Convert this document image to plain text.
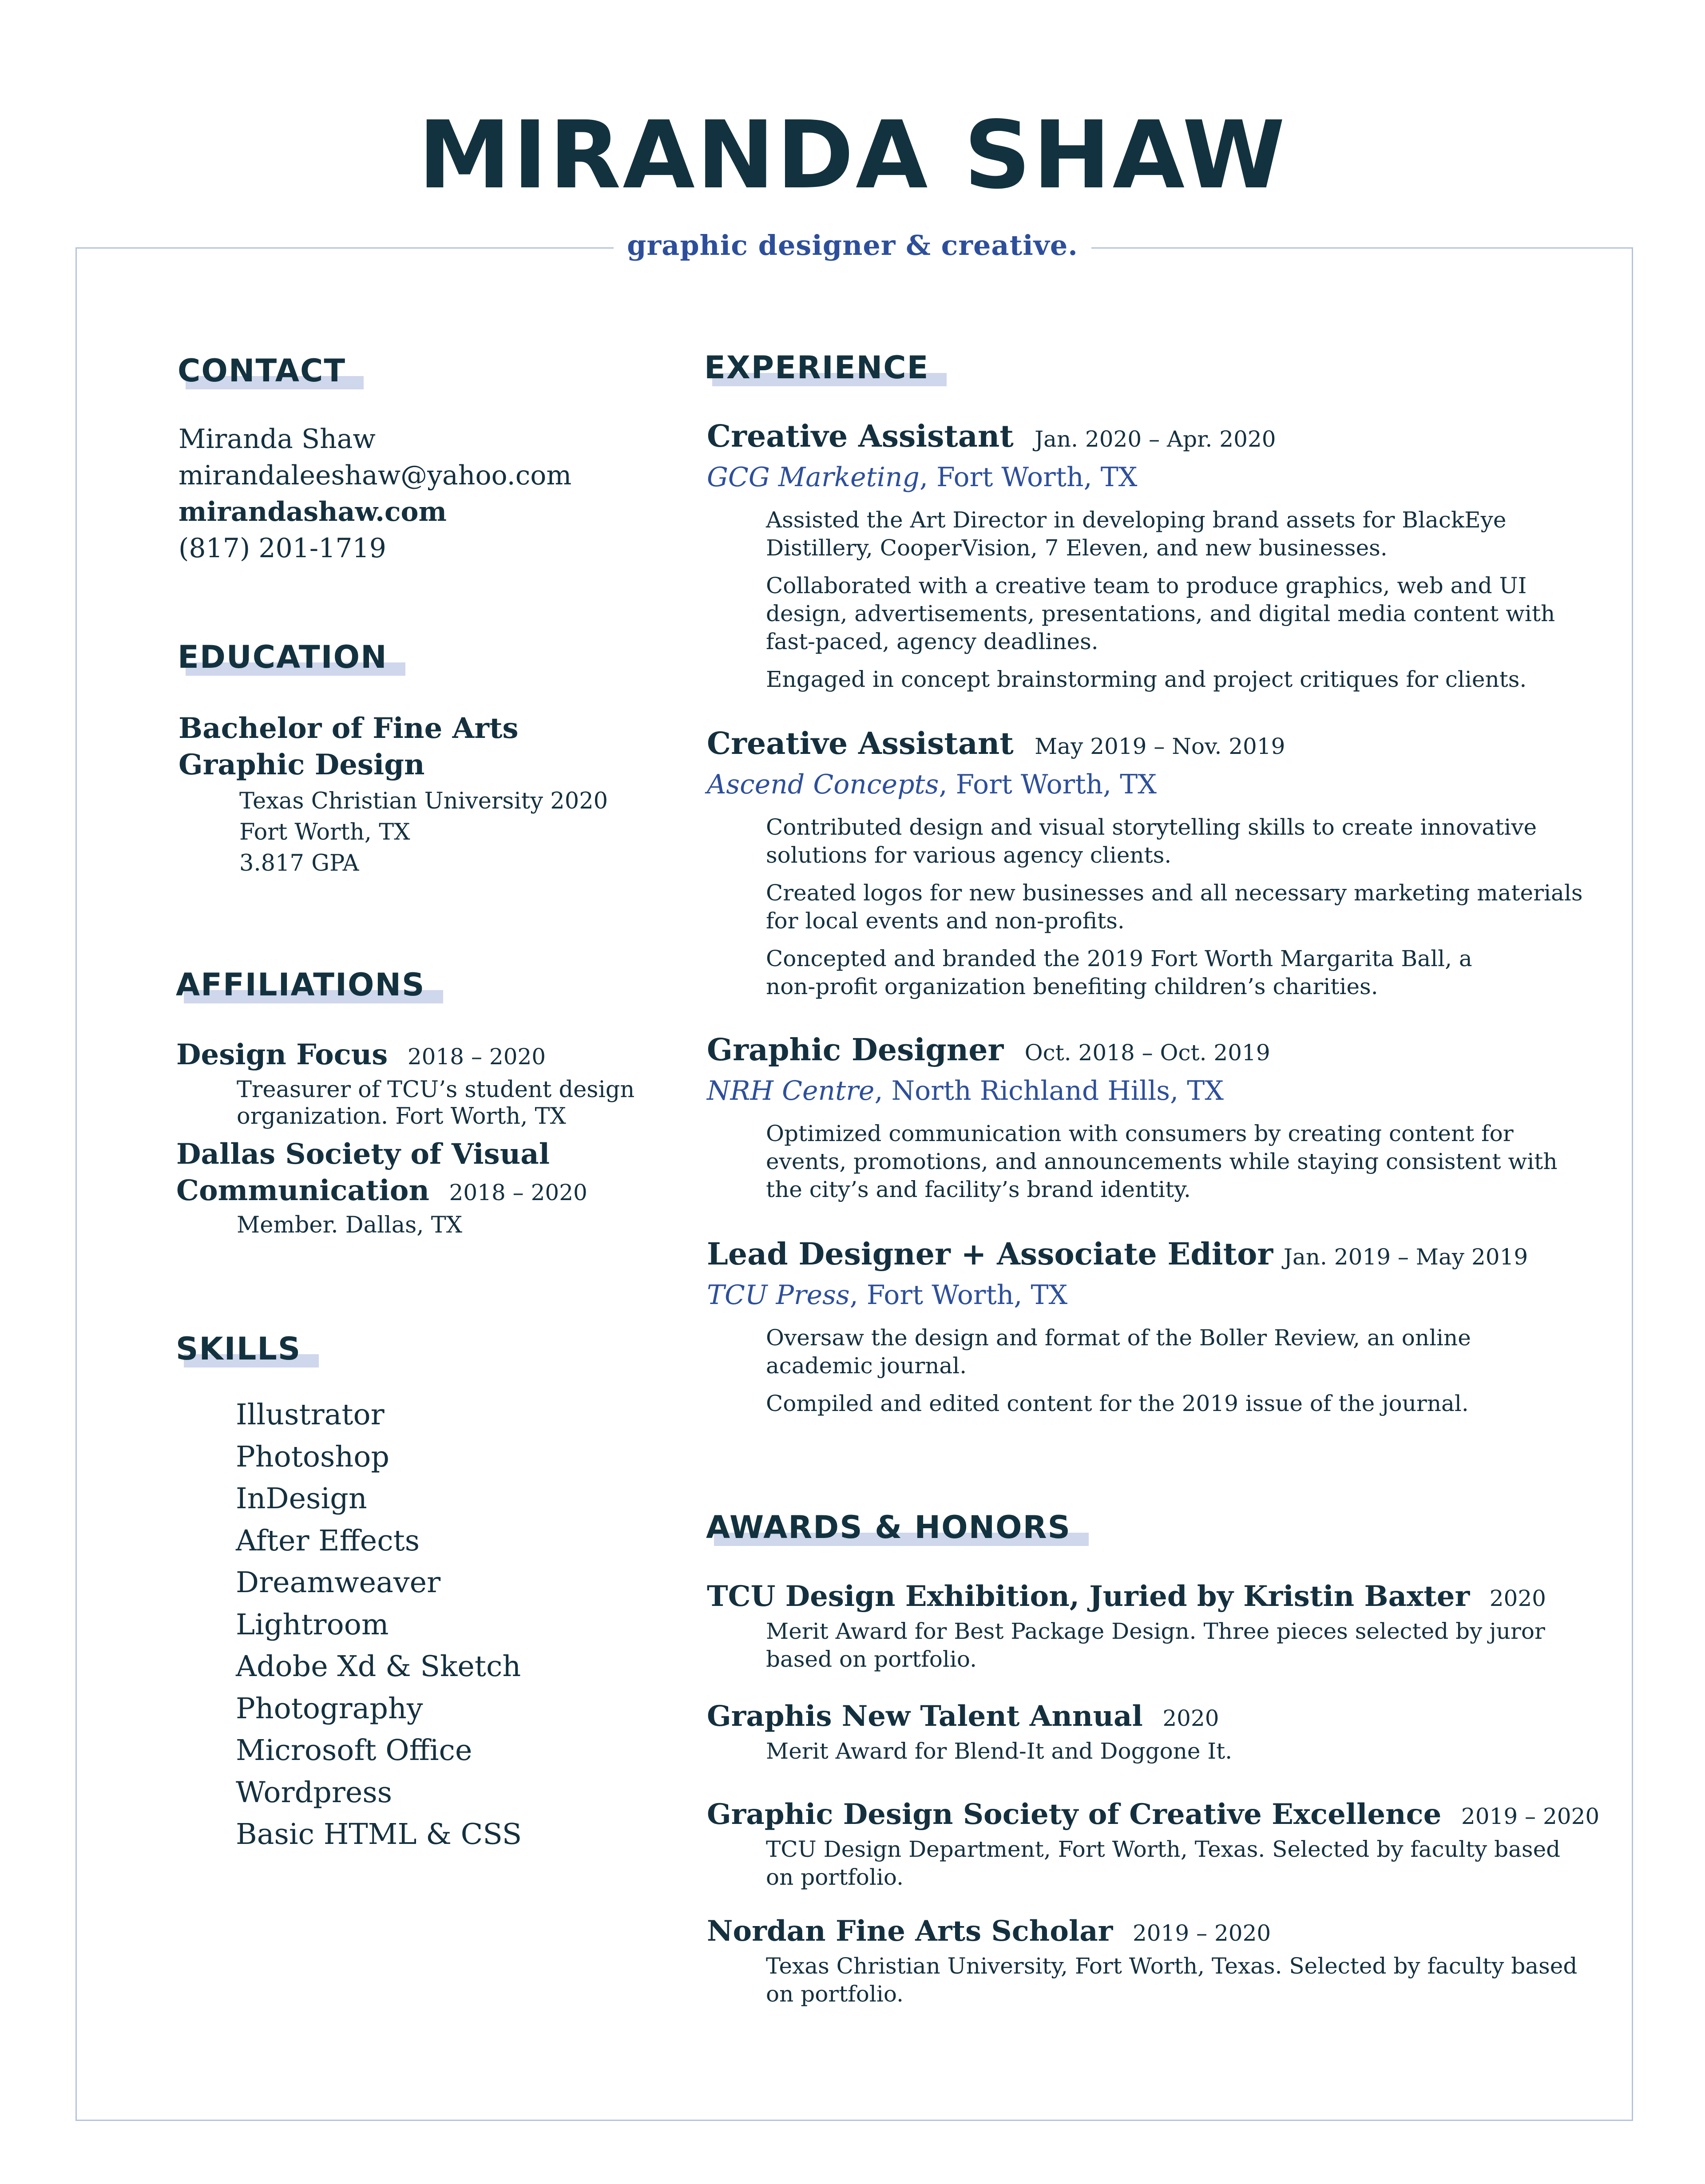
MIRANDA SHAW
graphic designer & creative.
CONTACT
Miranda Shaw
mirandaleeshaw@yahoo.com
mirandashaw.com
(817) 201-1719
EDUCATION
Bachelor of Fine Arts
Graphic Design
Texas Christian University 2020
Fort Worth, TX
3.817 GPA
AFFILIATIONS
Design Focus 2018 – 2020
Treasurer of TCU’s student design
organization. Fort Worth, TX
Dallas Society of Visual
Communication 2018 – 2020
Member. Dallas, TX
SKILLS
Illustrator
Photoshop
InDesign
After Effects
Dreamweaver
Lightroom
Adobe Xd & Sketch
Photography
Microsoft Office
Wordpress
Basic HTML & CSS
EXPERIENCE
Creative Assistant Jan. 2020 – Apr. 2020
GCG Marketing, Fort Worth, TX
Assisted the Art Director in developing brand assets for BlackEye
Distillery, CooperVision, 7 Eleven, and new businesses.
Collaborated with a creative team to produce graphics, web and UI
design, advertisements, presentations, and digital media content with
fast-paced, agency deadlines.
Engaged in concept brainstorming and project critiques for clients.
Creative Assistant May 2019 – Nov. 2019
Ascend Concepts, Fort Worth, TX
Contributed design and visual storytelling skills to create innovative
solutions for various agency clients.
Created logos for new businesses and all necessary marketing materials
for local events and non-profits.
Concepted and branded the 2019 Fort Worth Margarita Ball, a
non-profit organization benefiting children’s charities.
Graphic Designer Oct. 2018 – Oct. 2019
NRH Centre, North Richland Hills, TX
Optimized communication with consumers by creating content for
events, promotions, and announcements while staying consistent with
the city’s and facility’s brand identity.
Lead Designer + Associate Editor Jan. 2019 – May 2019
TCU Press, Fort Worth, TX
Oversaw the design and format of the Boller Review, an online
academic journal.
Compiled and edited content for the 2019 issue of the journal.
AWARDS & HONORS
TCU Design Exhibition, Juried by Kristin Baxter 2020
Merit Award for Best Package Design. Three pieces selected by juror
based on portfolio.
Graphis New Talent Annual 2020
Merit Award for Blend-It and Doggone It.
Graphic Design Society of Creative Excellence 2019 – 2020
TCU Design Department, Fort Worth, Texas. Selected by faculty based
on portfolio.
Nordan Fine Arts Scholar 2019 – 2020
Texas Christian University, Fort Worth, Texas. Selected by faculty based
on portfolio.
